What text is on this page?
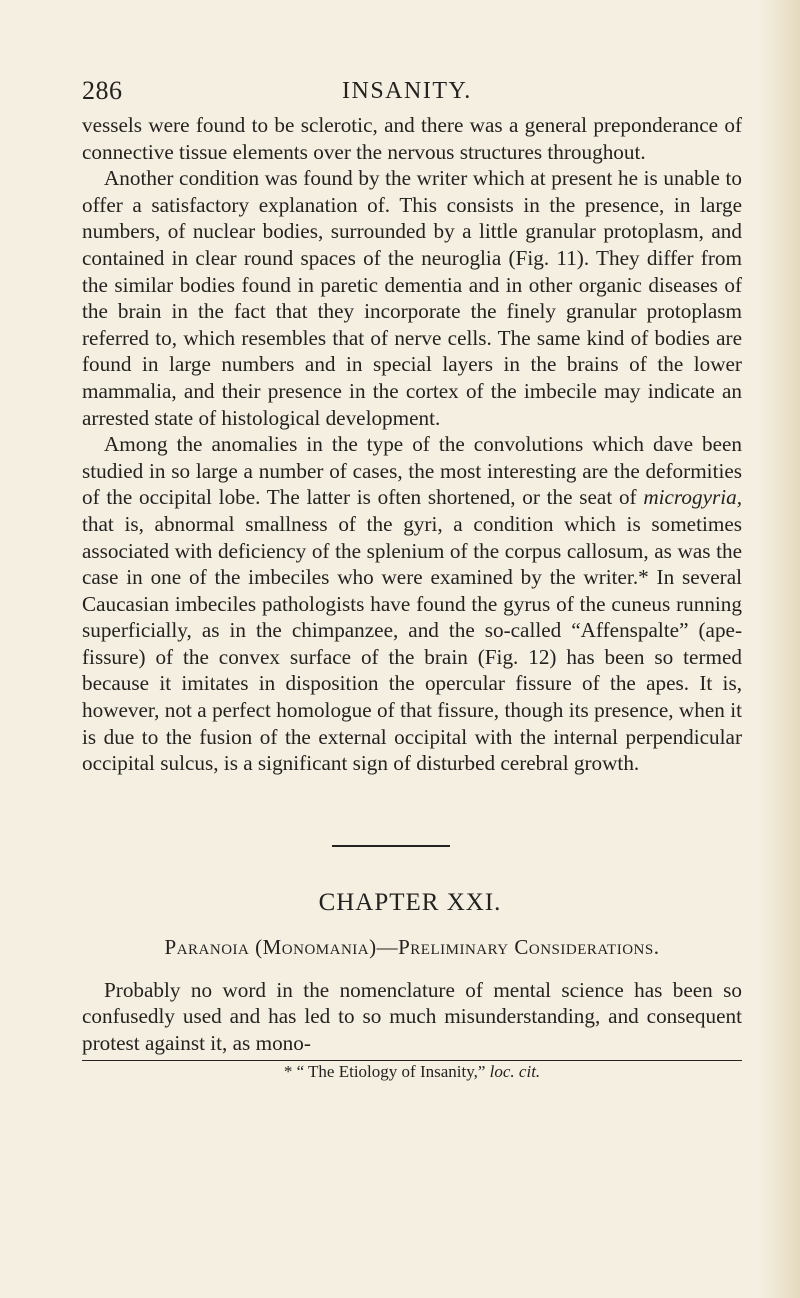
286	INSANITY.

vessels were found to be sclerotic, and there was a general preponderance of connective tissue elements over the nervous structures throughout.

Another condition was found by the writer which at present he is unable to offer a satisfactory explanation of. This consists in the presence, in large numbers, of nuclear bodies, surrounded by a little granular protoplasm, and contained in clear round spaces of the neuroglia (Fig. 11). They differ from the similar bodies found in paretic dementia and in other organic diseases of the brain in the fact that they incorporate the finely granular protoplasm referred to, which resembles that of nerve cells. The same kind of bodies are found in large numbers and in special layers in the brains of the lower mammalia, and their presence in the cortex of the imbecile may indicate an arrested state of histological development.

Among the anomalies in the type of the convolutions which dave been studied in so large a number of cases, the most interesting are the deformities of the occipital lobe. The latter is often shortened, or the seat of microgyria, that is, abnormal smallness of the gyri, a condition which is sometimes associated with deficiency of the splenium of the corpus callosum, as was the case in one of the imbeciles who were examined by the writer.* In several Caucasian imbeciles pathologists have found the gyrus of the cuneus running superficially, as in the chimpanzee, and the so-called “Affenspalte” (ape-fissure) of the convex surface of the brain (Fig. 12) has been so termed because it imitates in disposition the opercular fissure of the apes. It is, however, not a perfect homologue of that fissure, though its presence, when it is due to the fusion of the external occipital with the internal perpendicular occipital sulcus, is a significant sign of disturbed cerebral growth.

CHAPTER XXI.
Paranoia (Monomania)—Preliminary Considerations.

Probably no word in the nomenclature of mental science has been so confusedly used and has led to so much misunderstanding, and consequent protest against it, as mono-

* “ The Etiology of Insanity,” loc. cit.
